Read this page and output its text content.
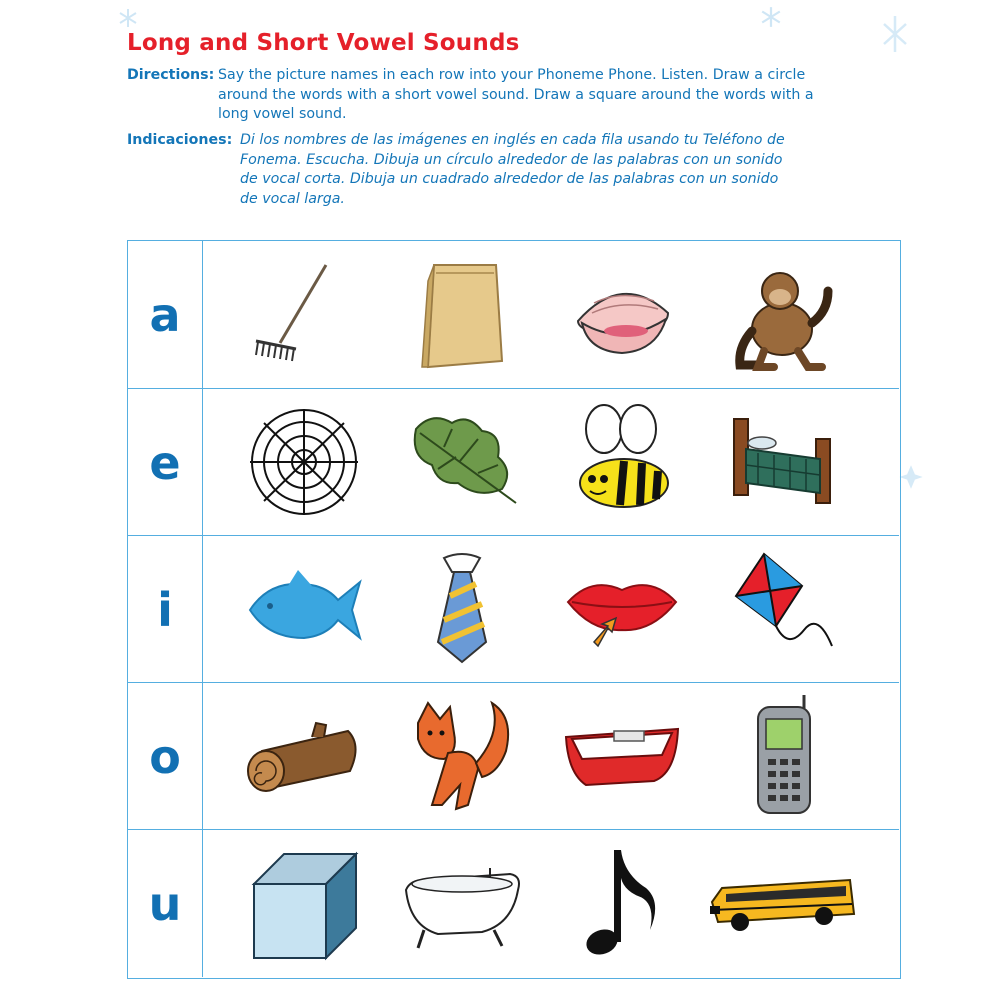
Long and Short Vowel Sounds
Directions: Say the picture names in each row into your Phoneme Phone. Listen. Draw a circle around the words with a short vowel sound. Draw a square around the words with a long vowel sound.
Indicaciones: Di los nombres de las imágenes en inglés en cada fila usando tu Teléfono de Fonema. Escucha. Dibuja un círculo alrededor de las palabras con un sonido de vocal corta. Dibuja un cuadrado alrededor de las palabras con un sonido de vocal larga.
a
e
i
o
u
